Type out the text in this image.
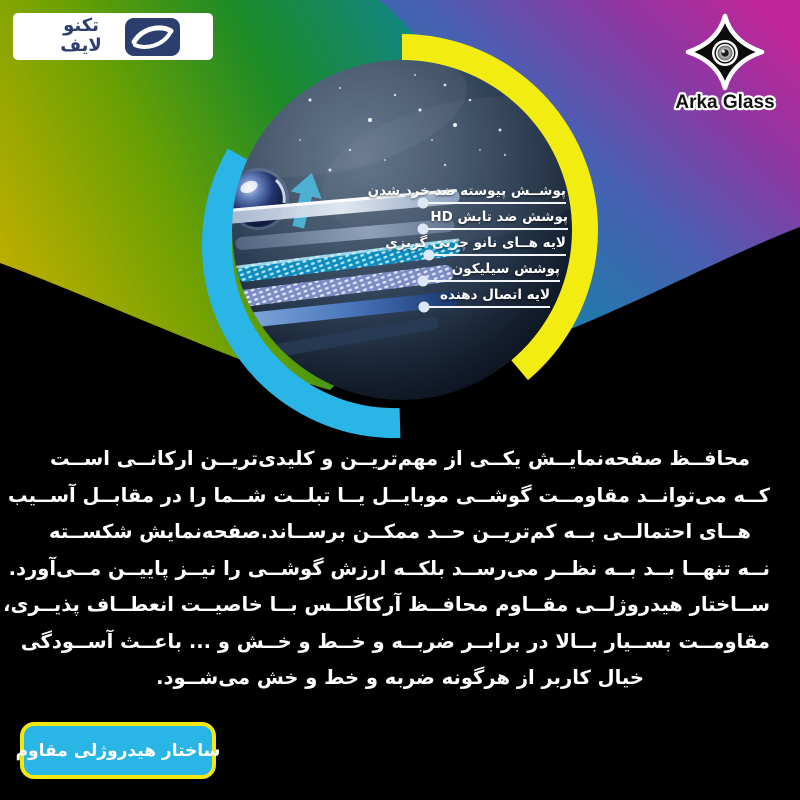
تکنو
لایف
Arka Glass
پوشــش پیوسته ضد خرد شدن
پوشش ضد تابش HD
لایه هــای نانو چربی گریزی
پوشش سیلیکون
لایه اتصال دهنده
محافــظ صفحه‌نمایــش یکــی از مهم‌تریــن و کلیدی‌تریــن ارکانــی اســت
کــه می‌توانــد مقاومــت گوشــی موبایــل یــا تبلــت شــما را در مقابــل آســیب
هــای احتمالــی بــه کم‌تریــن حــد ممکــن برســاند.صفحه‌نمایش شکســته
نــه تنهــا بــد بــه نظــر می‌رســد بلکــه ارزش گوشــی را نیــز پاییــن مــی‌آورد.
ســاختار هیدروژلــی مقــاوم محافــظ آرکاگلــس بــا خاصیــت انعطــاف پذیــری،
مقاومــت بســیار بــالا در برابــر ضربــه و خــط و خــش و ... باعــث آســودگی
خیال کاربر از هرگونه ضربه و خط و خش می‌شــود.
ساختار هیدروژلی مقاوم
